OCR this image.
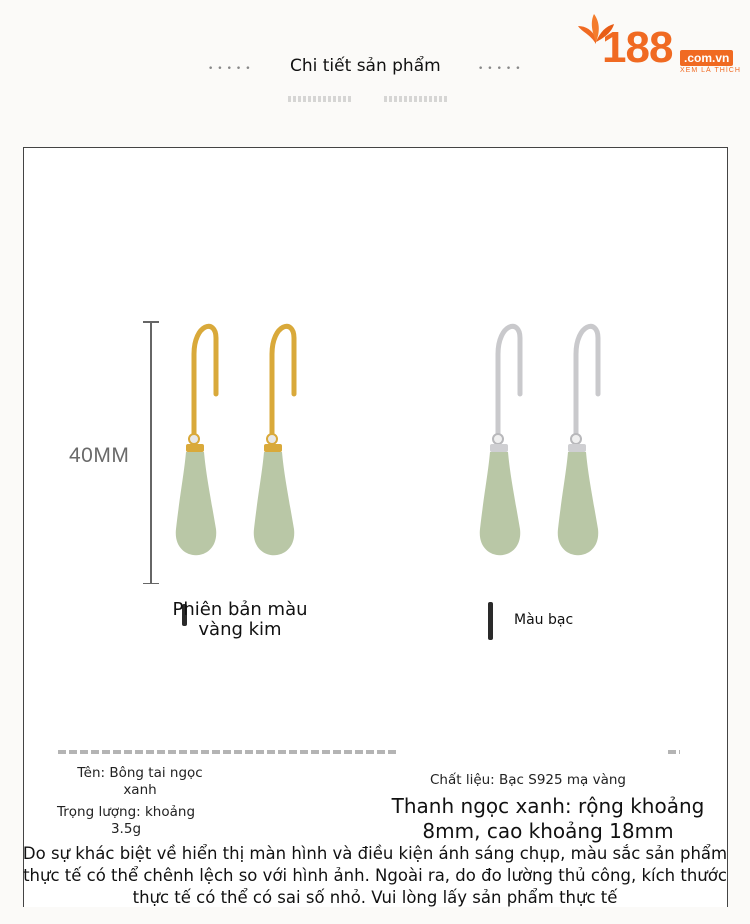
188 .com.vn
XEM LÀ THÍCH
••••• Chi tiết sản phẩm	•••••
40MM
Phiên bản màu vàng kim	Màu bạc
Tên: Bông tai ngọc xanh
Trọng lượng: khoảng 3.5g
Chất liệu: Bạc S925 mạ vàng
Thanh ngọc xanh: rộng khoảng 8mm, cao khoảng 18mm
Do sự khác biệt về hiển thị màn hình và điều kiện ánh sáng chụp, màu sắc sản phẩm thực tế có thể chênh lệch so với hình ảnh. Ngoài ra, do đo lường thủ công, kích thước thực tế có thể có sai số nhỏ. Vui lòng lấy sản phẩm thực tế
